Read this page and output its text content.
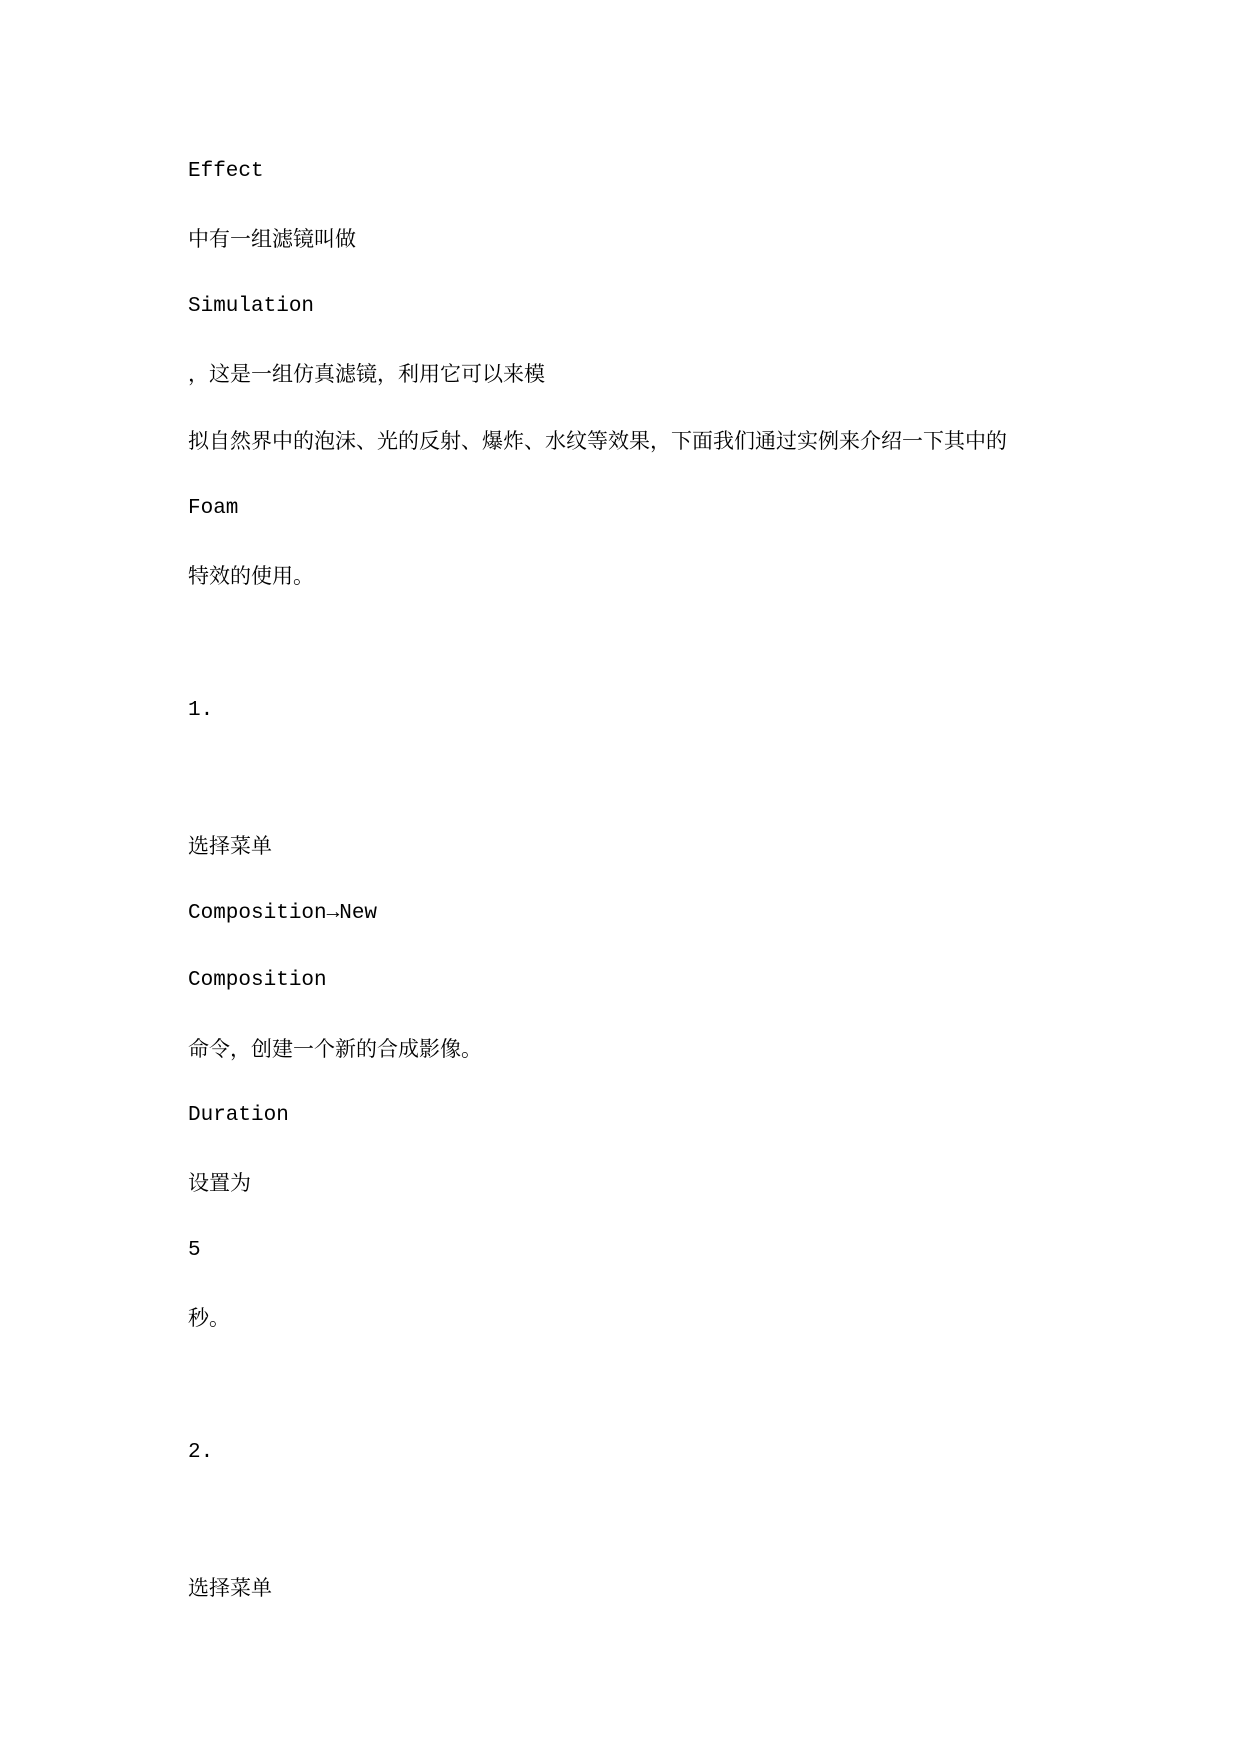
Effect
中有一组滤镜叫做
Simulation
，这是一组仿真滤镜，利用它可以来模
拟自然界中的泡沫、光的反射、爆炸、水纹等效果，下面我们通过实例来介绍一下其中的
Foam
特效的使用。
1.
选择菜单
Composition→New
Composition
命令，创建一个新的合成影像。
Duration
设置为
5
秒。
2.
选择菜单
